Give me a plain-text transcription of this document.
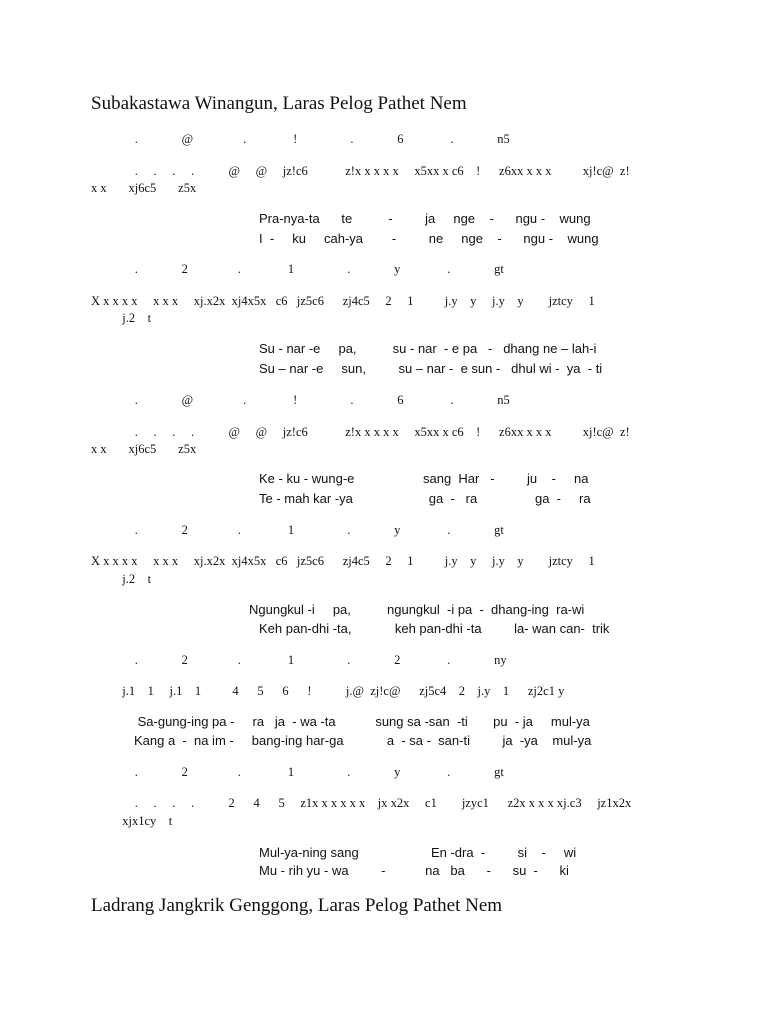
Subakastawa Winangun, Laras Pelog Pathet Nem
.              @                .               !                 .              6               .              n5
.     .     .     .           @     @     jz!c6            z!x x x x x     x5xx x c6    !      z6xx x x x          xj!c@  z!
x x       xj6c5       z5x
Pra-nya-ta      te          -         ja     nge    -      ngu -    wung
I  -     ku     cah-ya        -         ne     nge    -      ngu -    wung
.              2                .               1                 .              y               .              gt
X x x x x     x x x     xj.x2x  xj4x5x   c6   jz5c6      zj4c5     2     1          j.y    y     j.y    y        jztcy     1
j.2    t
Su - nar -e     pa,          su - nar  - e pa   -   dhang ne – lah-i
Su – nar -e     sun,         su – nar -  e sun -   dhul wi -  ya  - ti
.              @                .               !                 .              6               .              n5
.     .     .     .           @     @     jz!c6            z!x x x x x     x5xx x c6    !      z6xx x x x          xj!c@  z!
x x       xj6c5       z5x
Ke - ku - wung-e                   sang  Har   -         ju    -     na
Te - mah kar -ya                     ga  -   ra                ga  -     ra
.              2                .               1                 .              y               .              gt
X x x x x     x x x     xj.x2x  xj4x5x   c6   jz5c6      zj4c5     2     1          j.y    y     j.y    y        jztcy     1
j.2    t
Ngungkul -i     pa,          ngungkul  -i pa  -  dhang-ing  ra-wi
Keh pan-dhi -ta,            keh pan-dhi -ta         la- wan can-  trik
.              2                .               1                 .              2               .              ny
j.1    1     j.1    1          4      5      6      !           j.@  zj!c@      zj5c4    2    j.y    1      zj2c1 y
Sa-gung-ing pa -     ra   ja  - wa -ta           sung sa -san  -ti       pu  - ja     mul-ya
Kang a  -  na im -     bang-ing har-ga            a  - sa -  san-ti         ja  -ya    mul-ya
.              2                .               1                 .              y               .              gt
.     .     .     .           2      4      5     z1x x x x x x    jx x2x     c1        jzyc1      z2x x x x xj.c3     jz1x2x
xjx1cy    t
Mul-ya-ning sang                    En -dra  -         si    -     wi
Mu - rih yu - wa         -           na   ba      -      su  -      ki
Ladrang Jangkrik Genggong, Laras Pelog Pathet Nem
